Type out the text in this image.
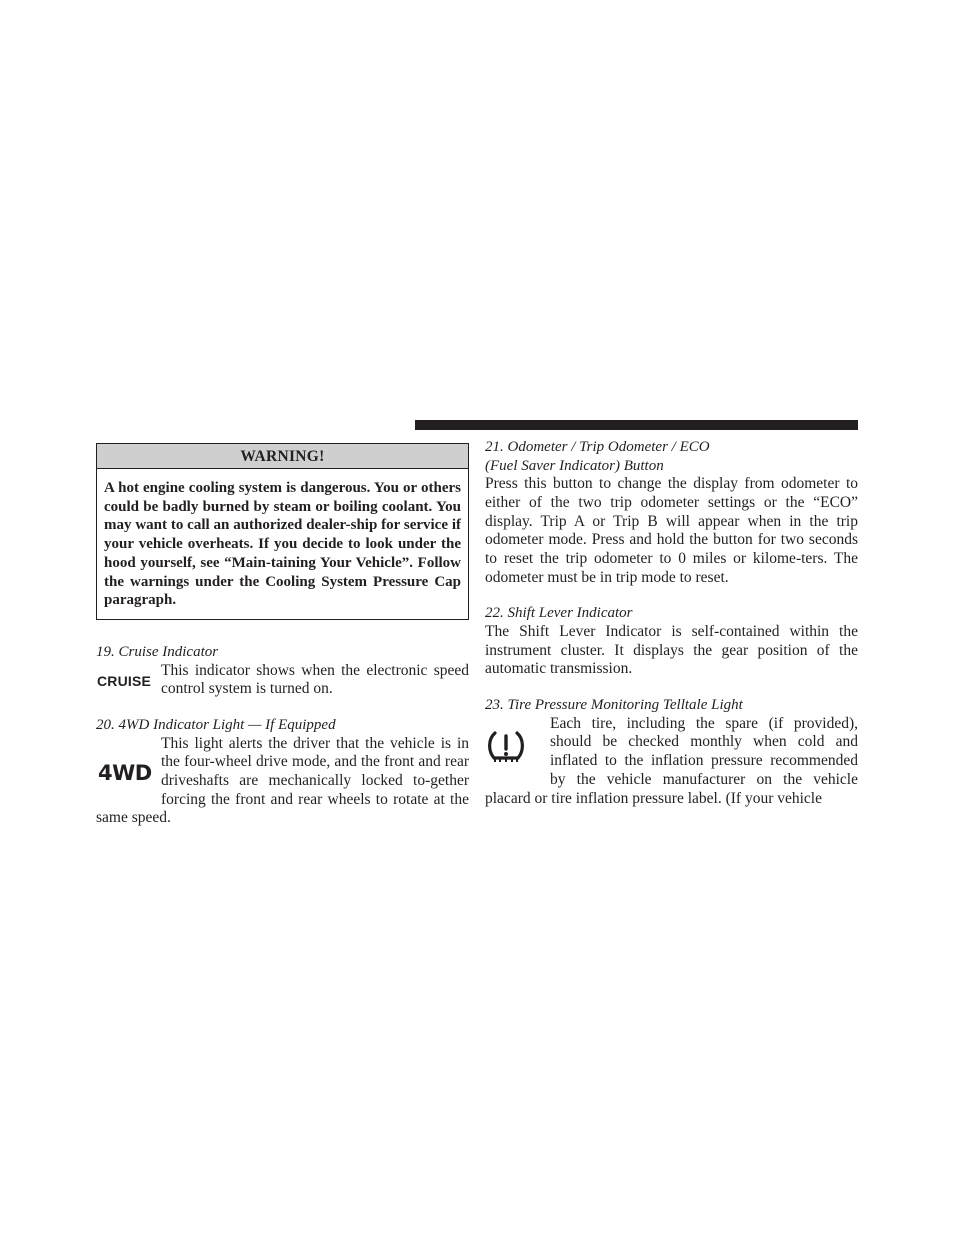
WARNING!
A hot engine cooling system is dangerous. You or others could be badly burned by steam or boiling coolant. You may want to call an authorized dealer-ship for service if your vehicle overheats. If you decide to look under the hood yourself, see “Main-taining Your Vehicle”. Follow the warnings under the Cooling System Pressure Cap paragraph.
19. Cruise Indicator
CRUISE
This indicator shows when the electronic speed control system is turned on.
20. 4WD Indicator Light — If Equipped
4WD
This light alerts the driver that the vehicle is in the four-wheel drive mode, and the front and rear driveshafts are mechanically locked to-gether forcing the front and rear wheels to rotate at the same speed.
21. Odometer / Trip Odometer / ECO
(Fuel Saver Indicator) Button
Press this button to change the display from odometer to either of the two trip odometer settings or the “ECO” display. Trip A or Trip B will appear when in the trip odometer mode. Press and hold the button for two seconds to reset the trip odometer to 0 miles or kilome-ters. The odometer must be in trip mode to reset.
22. Shift Lever Indicator
The Shift Lever Indicator is self-contained within the instrument cluster. It displays the gear position of the automatic transmission.
23. Tire Pressure Monitoring Telltale Light
Each tire, including the spare (if provided), should be checked monthly when cold and inflated to the inflation pressure recommended by the vehicle manufacturer on the vehicle placard or tire inflation pressure label. (If your vehicle
